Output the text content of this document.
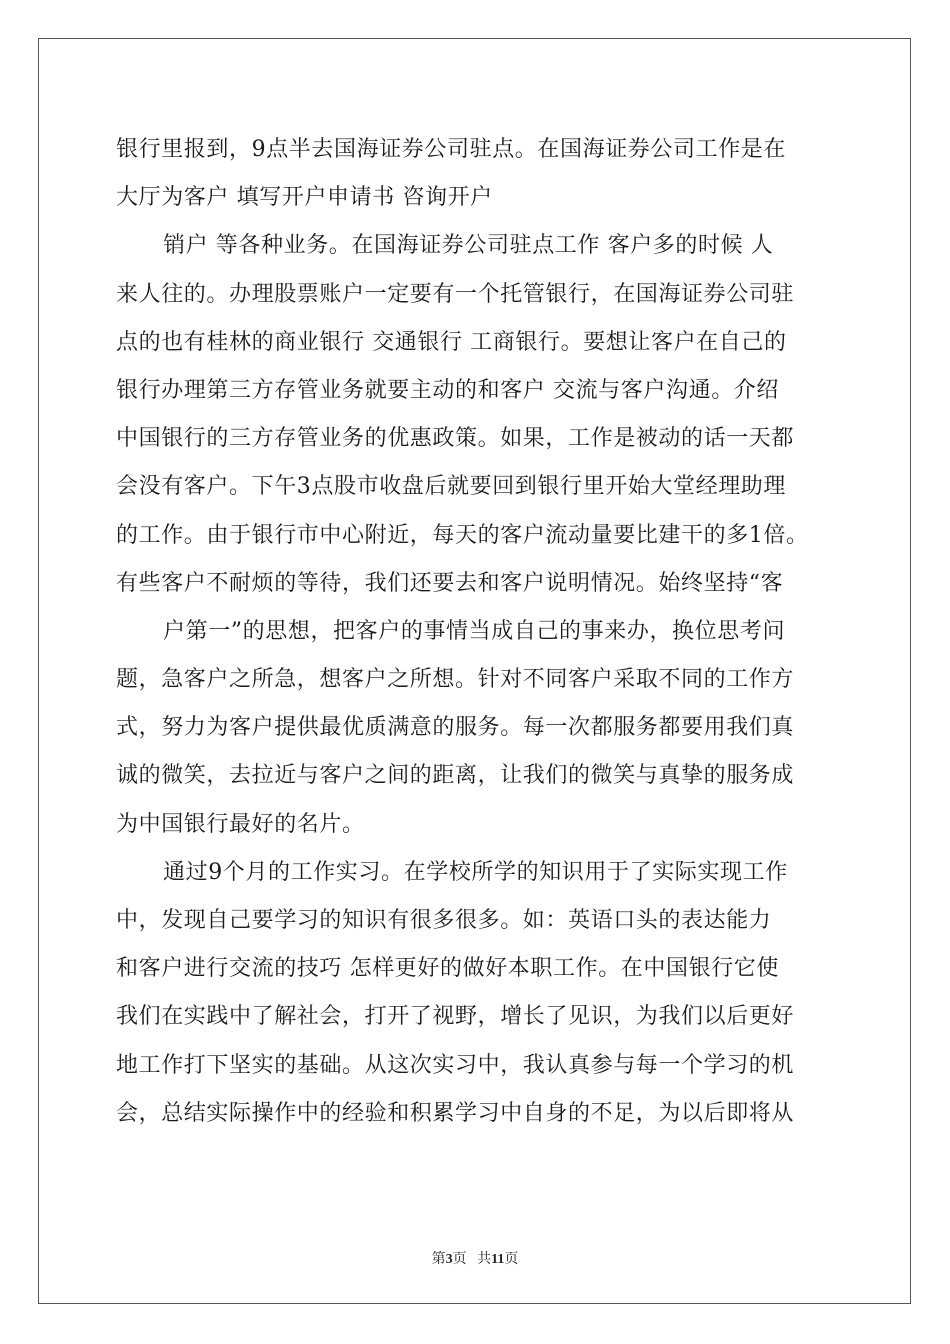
银行里报到，9点半去国海证券公司驻点。在国海证券公司工作是在
大厅为客户 填写开户申请书 咨询开户
销户 等各种业务。在国海证券公司驻点工作 客户多的时候 人
来人往的。办理股票账户一定要有一个托管银行，在国海证券公司驻
点的也有桂林的商业银行 交通银行 工商银行。要想让客户在自己的
银行办理第三方存管业务就要主动的和客户 交流与客户沟通。介绍
中国银行的三方存管业务的优惠政策。如果，工作是被动的话一天都
会没有客户。下午3点股市收盘后就要回到银行里开始大堂经理助理
的工作。由于银行市中心附近，每天的客户流动量要比建干的多1倍。
有些客户不耐烦的等待，我们还要去和客户说明情况。始终坚持“客
户第一”的思想，把客户的事情当成自己的事来办，换位思考问
题，急客户之所急，想客户之所想。针对不同客户采取不同的工作方
式，努力为客户提供最优质满意的服务。每一次都服务都要用我们真
诚的微笑，去拉近与客户之间的距离，让我们的微笑与真挚的服务成
为中国银行最好的名片。
通过9个月的工作实习。在学校所学的知识用于了实际实现工作
中，发现自己要学习的知识有很多很多。如：英语口头的表达能力
和客户进行交流的技巧 怎样更好的做好本职工作。在中国银行它使
我们在实践中了解社会，打开了视野，增长了见识，为我们以后更好
地工作打下坚实的基础。从这次实习中，我认真参与每一个学习的机
会，总结实际操作中的经验和积累学习中自身的不足，为以后即将从
第3页 共11页
